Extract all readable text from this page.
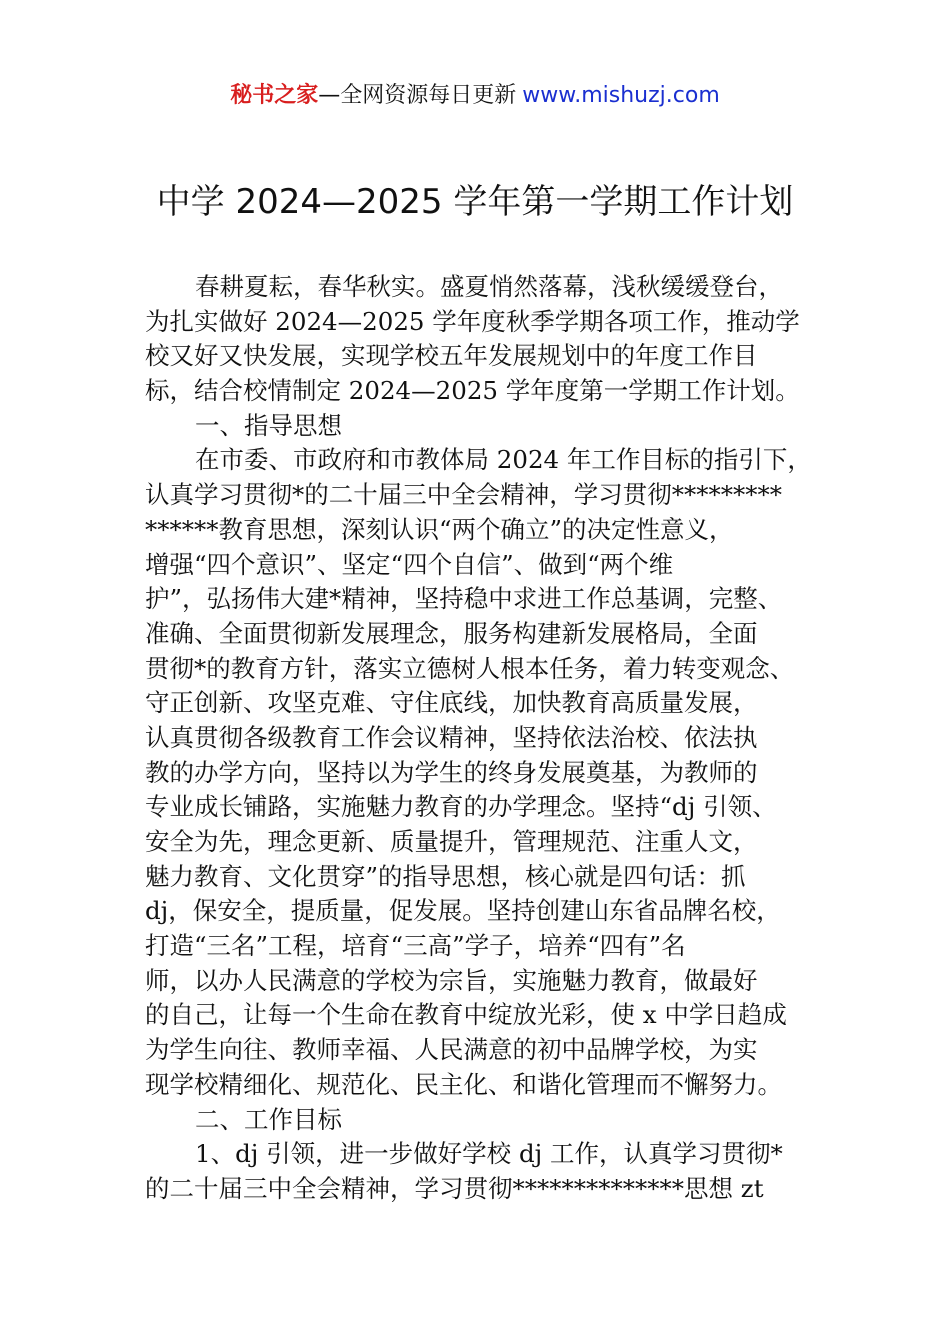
秘书之家—全网资源每日更新 www.mishuzj.com
中学 2024—2025 学年第一学期工作计划
春耕夏耘，春华秋实。盛夏悄然落幕，浅秋缓缓登台，
为扎实做好 2024—2025 学年度秋季学期各项工作，推动学
校又好又快发展，实现学校五年发展规划中的年度工作目
标，结合校情制定 2024—2025 学年度第一学期工作计划。
一、指导思想
在市委、市政府和市教体局 2024 年工作目标的指引下，
认真学习贯彻*的二十届三中全会精神，学习贯彻*********
******教育思想，深刻认识“两个确立”的决定性意义，
增强“四个意识”、坚定“四个自信”、做到“两个维
护”，弘扬伟大建*精神，坚持稳中求进工作总基调，完整、
准确、全面贯彻新发展理念，服务构建新发展格局，全面
贯彻*的教育方针，落实立德树人根本任务，着力转变观念、
守正创新、攻坚克难、守住底线，加快教育高质量发展，
认真贯彻各级教育工作会议精神，坚持依法治校、依法执
教的办学方向，坚持以为学生的终身发展奠基，为教师的
专业成长铺路，实施魅力教育的办学理念。坚持“dj 引领、
安全为先，理念更新、质量提升，管理规范、注重人文，
魅力教育、文化贯穿”的指导思想，核心就是四句话：抓
dj，保安全，提质量，促发展。坚持创建山东省品牌名校，
打造“三名”工程，培育“三高”学子，培养“四有”名
师，以办人民满意的学校为宗旨，实施魅力教育，做最好
的自己，让每一个生命在教育中绽放光彩，使 x 中学日趋成
为学生向往、教师幸福、人民满意的初中品牌学校，为实
现学校精细化、规范化、民主化、和谐化管理而不懈努力。
二、工作目标
1、dj 引领，进一步做好学校 dj 工作，认真学习贯彻*
的二十届三中全会精神，学习贯彻**************思想 zt
